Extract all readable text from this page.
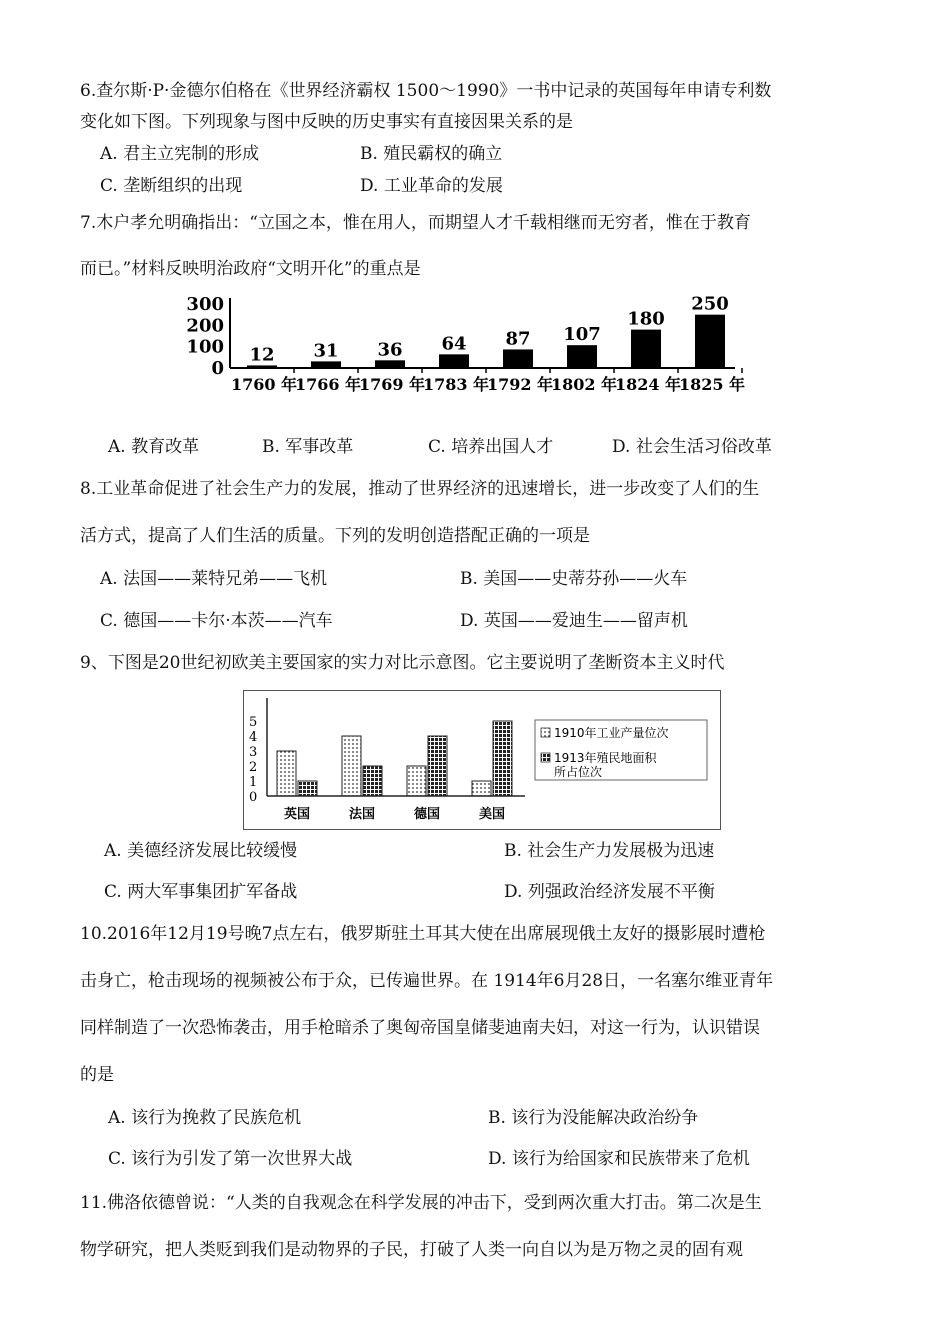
6.查尔斯·P·金德尔伯格在《世界经济霸权 1500～1990》一书中记录的英国每年申请专利数
变化如下图。下列现象与图中反映的历史事实有直接因果关系的是
A. 君主立宪制的形成	B. 殖民霸权的确立
C. 垄断组织的出现	D. 工业革命的发展
7.木户孝允明确指出：“立国之本，惟在用人，而期望人才千载相继而无穷者，惟在于教育
而已。”材料反映明治政府“文明开化”的重点是
300
200
100
0
12 31 36 64 87 107
180
250
1760 年
1766 年
1769 年
1783 年
1792 年
1802 年
1824 年
1825 年
A. 教育改革	B. 军事改革	C. 培养出国人才	D. 社会生活习俗改革
8.工业革命促进了社会生产力的发展，推动了世界经济的迅速增长，进一步改变了人们的生
活方式，提高了人们生活的质量。下列的发明创造搭配正确的一项是
A. 法国——莱特兄弟——飞机	B. 美国——史蒂芬孙——火车
C. 德国——卡尔·本茨——汽车	D. 英国——爱迪生——留声机
9、下图是20世纪初欧美主要国家的实力对比示意图。它主要说明了垄断资本主义时代
5
4
3
2
1
0
英国	法国	德国	美国
1910年工业产量位次
1913年殖民地面积
所占位次
A. 美德经济发展比较缓慢	B. 社会生产力发展极为迅速
C. 两大军事集团扩军备战	D. 列强政治经济发展不平衡
10.2016年12月19号晚7点左右，俄罗斯驻土耳其大使在出席展现俄土友好的摄影展时遭枪
击身亡，枪击现场的视频被公布于众，已传遍世界。在 1914年6月28日，一名塞尔维亚青年
同样制造了一次恐怖袭击，用手枪暗杀了奥匈帝国皇储斐迪南夫妇，对这一行为，认识错误
的是
A. 该行为挽救了民族危机	B. 该行为没能解决政治纷争
C. 该行为引发了第一次世界大战	D. 该行为给国家和民族带来了危机
11.佛洛依德曾说：“人类的自我观念在科学发展的冲击下，受到两次重大打击。第二次是生
物学研究，把人类贬到我们是动物界的子民，打破了人类一向自以为是万物之灵的固有观
